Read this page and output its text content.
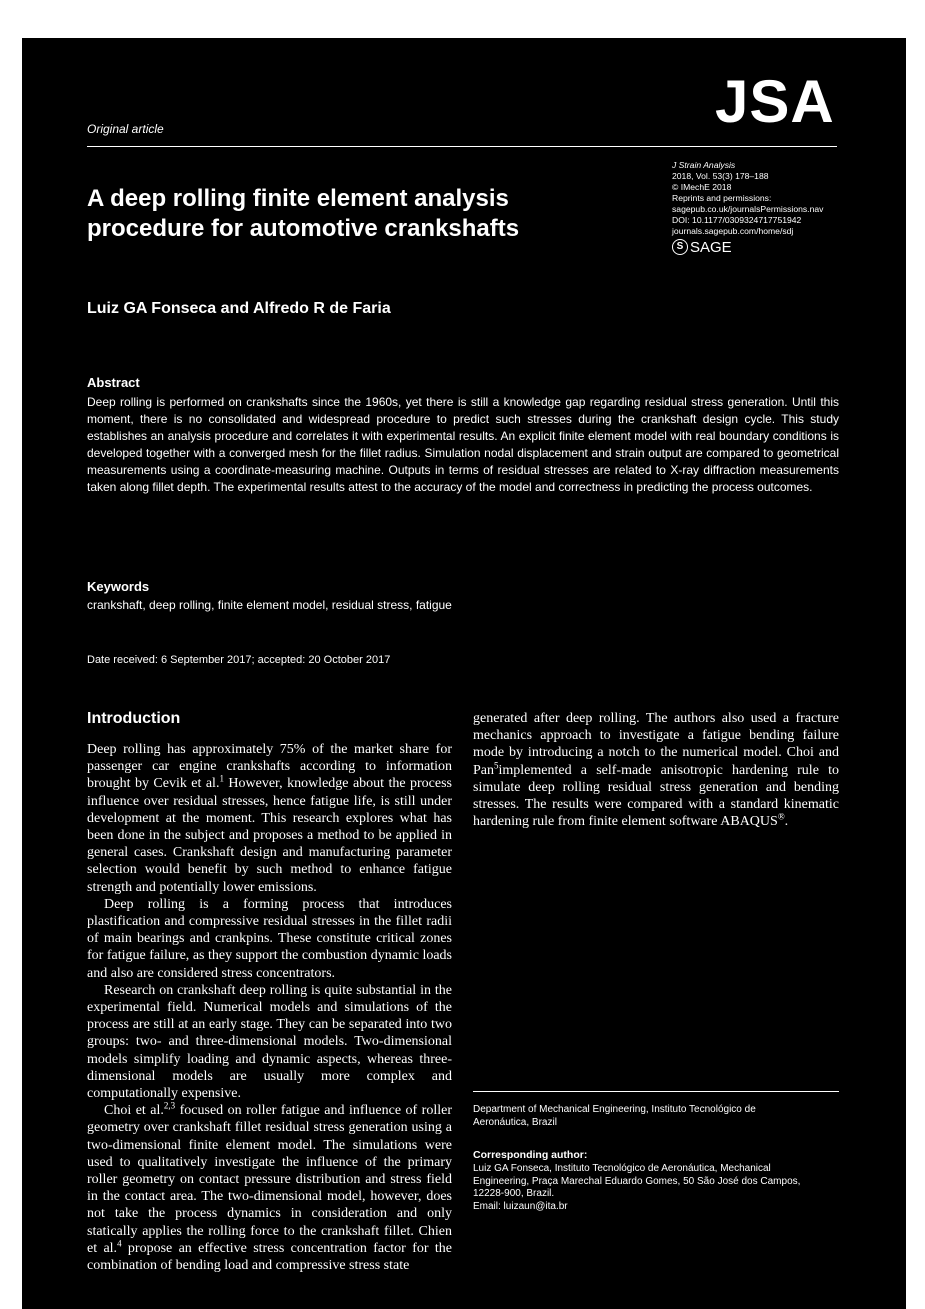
Original article	JSA
J Strain Analysis
2018, Vol. 53(3) 178–188
© IMechE 2018
Reprints and permissions:
sagepub.co.uk/journalsPermissions.nav
DOI: 10.1177/0309324717751942
journals.sagepub.com/home/sdj
S SAGE
A deep rolling finite element analysis
procedure for automotive crankshafts
Luiz GA Fonseca and Alfredo R de Faria
Abstract
Deep rolling is performed on crankshafts since the 1960s, yet there is still a knowledge gap regarding residual stress generation. Until this moment, there is no consolidated and widespread procedure to predict such stresses during the crankshaft design cycle. This study establishes an analysis procedure and correlates it with experimental results. An explicit finite element model with real boundary conditions is developed together with a converged mesh for the fillet radius. Simulation nodal displacement and strain output are compared to geometrical measurements using a coordinate-measuring machine. Outputs in terms of residual stresses are related to X-ray diffraction measurements taken along fillet depth. The experimental results attest to the accuracy of the model and correctness in predicting the process outcomes.
Keywords
crankshaft, deep rolling, finite element model, residual stress, fatigue
Date received: 6 September 2017; accepted: 20 October 2017
Introduction

Deep rolling has approximately 75% of the market share for passenger car engine crankshafts according to information brought by Cevik et al.$^1$ However, knowledge about the process influence over residual stresses, hence fatigue life, is still under development at the moment. This research explores what has been done in the subject and proposes a method to be applied in general cases. Crankshaft design and manufacturing parameter selection would benefit by such method to enhance fatigue strength and potentially lower emissions.

Deep rolling is a forming process that introduces plastification and compressive residual stresses in the fillet radii of main bearings and crankpins. These constitute critical zones for fatigue failure, as they support the combustion dynamic loads and also are considered stress concentrators.

Research on crankshaft deep rolling is quite substantial in the experimental field. Numerical models and simulations of the process are still at an early stage. They can be separated into two groups: two- and three-dimensional models. Two-dimensional models simplify loading and dynamic aspects, whereas three-dimensional models are usually more complex and computationally expensive.

Choi et al.$^{2,3}$ focused on roller fatigue and influence of roller geometry over crankshaft fillet residual stress generation using a two-dimensional finite element model. The simulations were used to qualitatively investigate the influence of the primary roller geometry on contact pressure distribution and stress field in the contact area. The two-dimensional model, however, does not take the process dynamics in consideration and only statically applies the rolling force to the crankshaft fillet. Chien et al.$^4$ propose an effective stress concentration factor for the combination of bending load and compressive stress state

generated after deep rolling. The authors also used a fracture mechanics approach to investigate a fatigue bending failure mode by introducing a notch to the numerical model. Choi and Pan$^5$implemented a self-made anisotropic hardening rule to simulate deep rolling residual stress generation and bending stresses. The results were compared with a standard kinematic hardening rule from finite element software ABAQUS®.

Department of Mechanical Engineering, Instituto Tecnológico de
Aeronáutica, Brazil
Corresponding author:
Luiz GA Fonseca, Instituto Tecnológico de Aeronáutica, Mechanical
Engineering, Praça Marechal Eduardo Gomes, 50 São José dos Campos,
12228-900, Brazil.
Email: luizaun@ita.br
